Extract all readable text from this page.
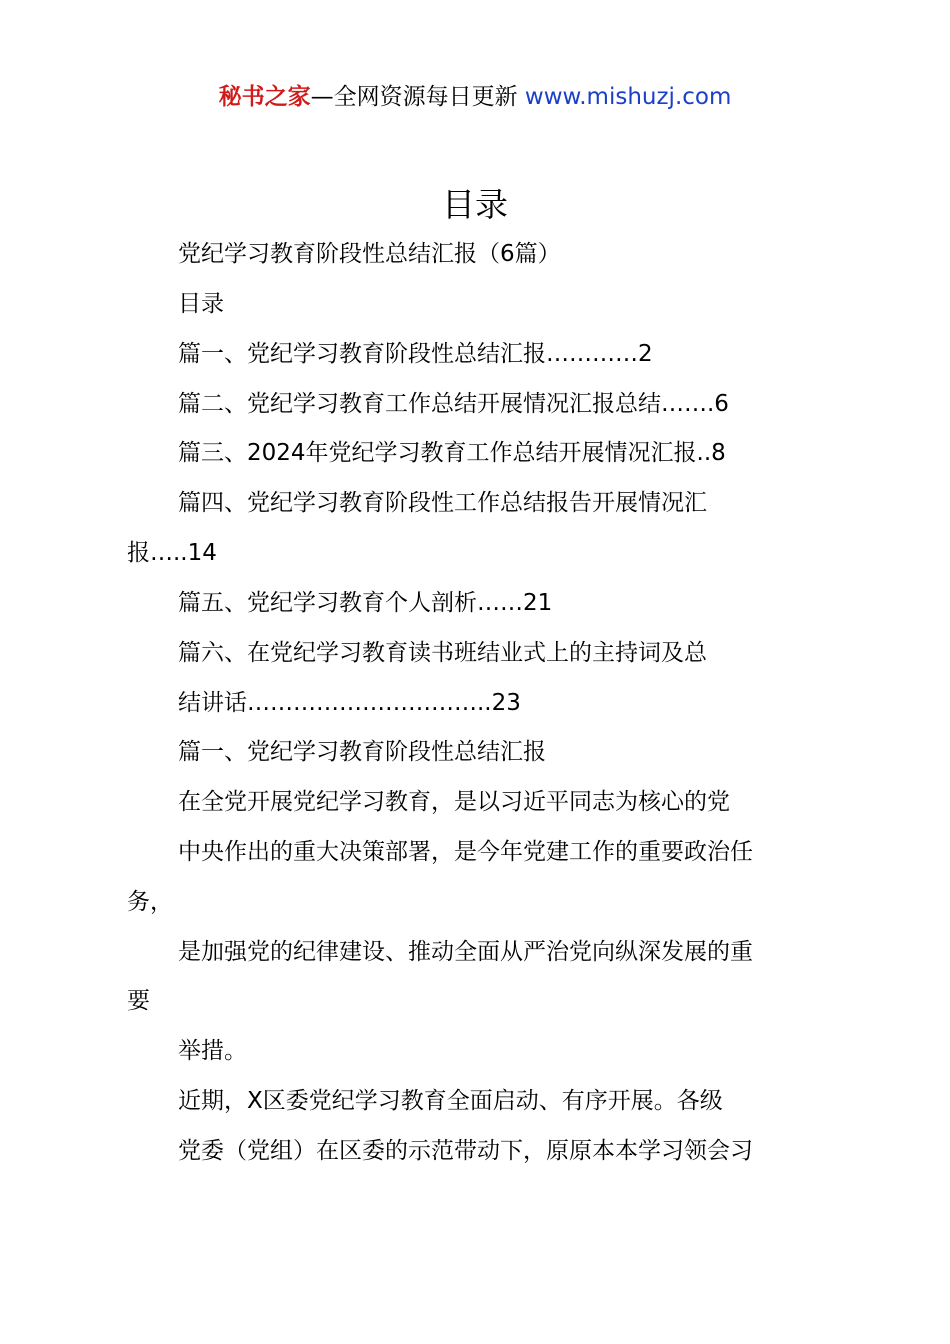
秘书之家—全网资源每日更新 www.mishuzj.com
目录
党纪学习教育阶段性总结汇报（6篇）
目录
篇一、党纪学习教育阶段性总结汇报…………2
篇二、党纪学习教育工作总结开展情况汇报总结…….6
篇三、2024年党纪学习教育工作总结开展情况汇报..8
篇四、党纪学习教育阶段性工作总结报告开展情况汇
报…..14
篇五、党纪学习教育个人剖析……21
篇六、在党纪学习教育读书班结业式上的主持词及总
结讲话…………………………..23
篇一、党纪学习教育阶段性总结汇报
在全党开展党纪学习教育，是以习近平同志为核心的党
中央作出的重大决策部署，是今年党建工作的重要政治任
务，
是加强党的纪律建设、推动全面从严治党向纵深发展的重
要
举措。
近期，X区委党纪学习教育全面启动、有序开展。各级
党委（党组）在区委的示范带动下，原原本本学习领会习
